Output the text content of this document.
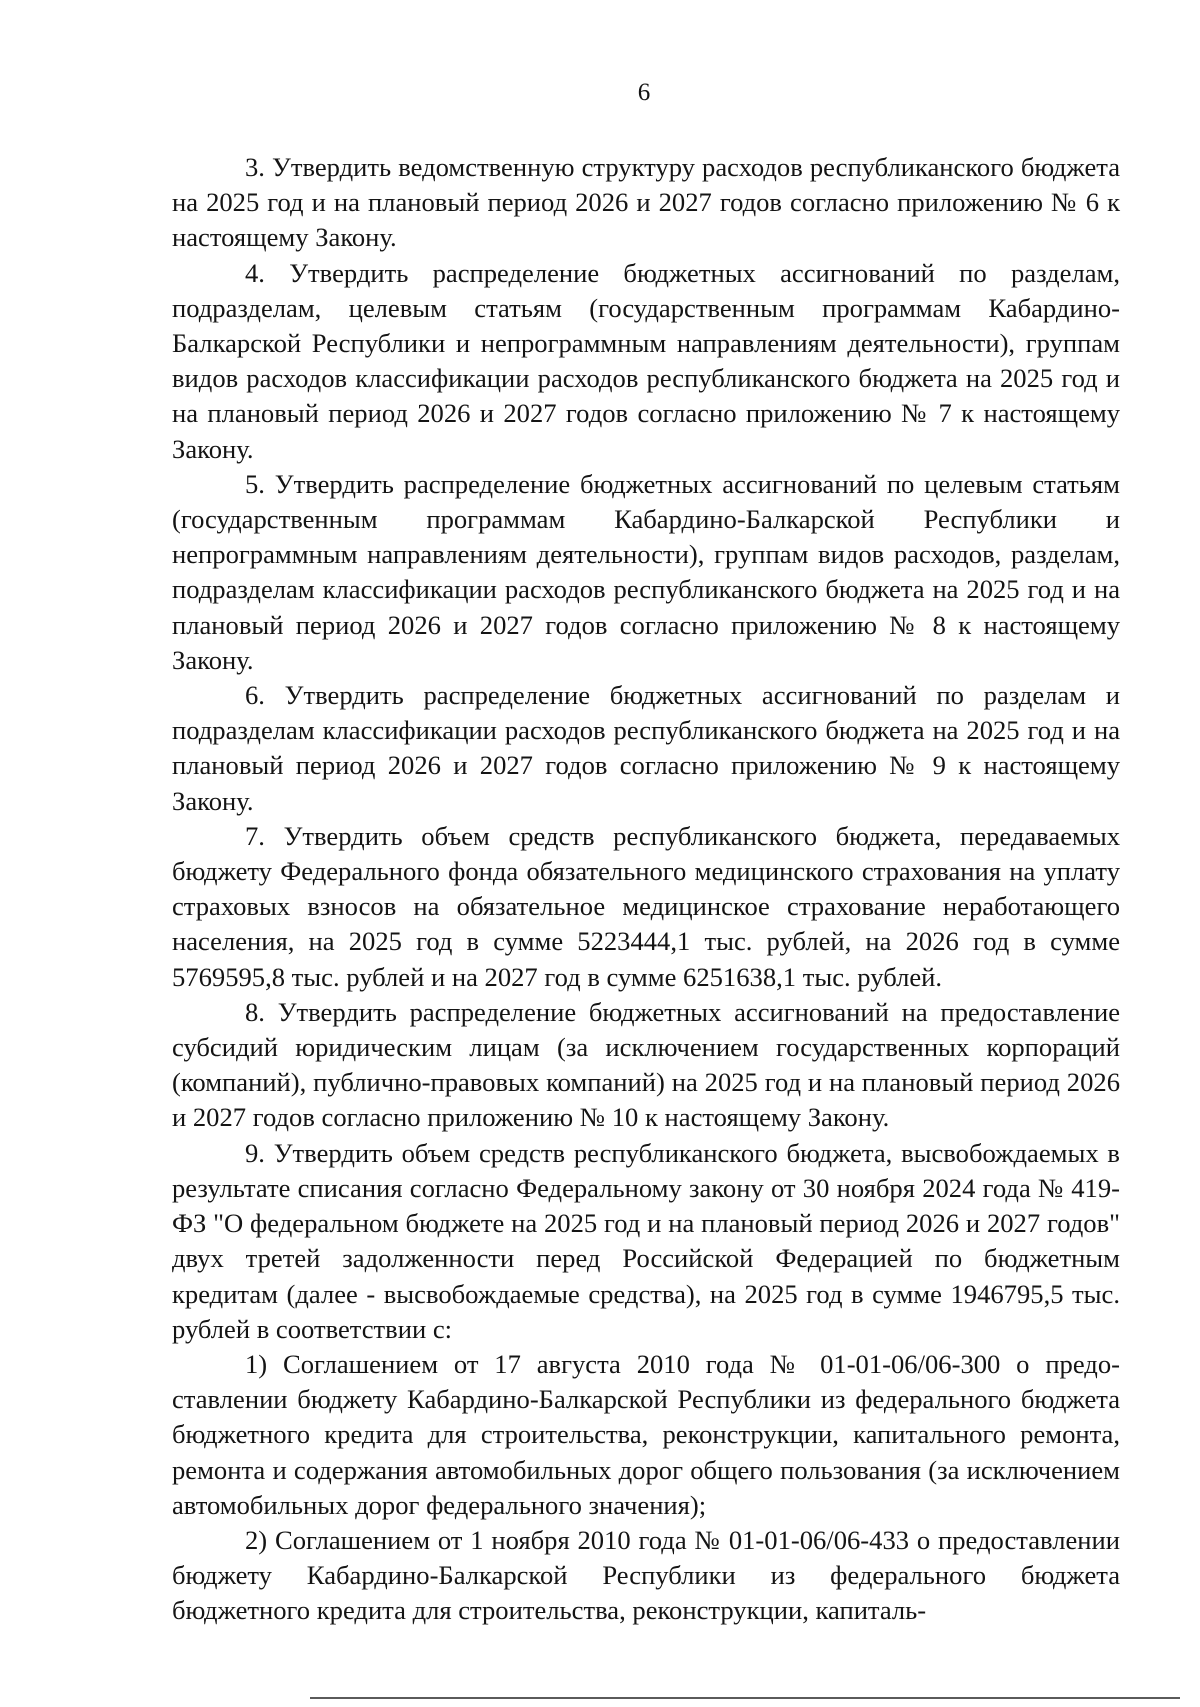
6

3. Утвердить ведомственную структуру расходов республиканского бюджета на 2025 год и на плановый период 2026 и 2027 годов согласно приложению № 6 к настоящему Закону.

4. Утвердить распределение бюджетных ассигнований по разделам, подразделам, целевым статьям (государственным программам Кабардино-Балкарской Республики и непрограммным направлениям деятельности), группам видов расходов классификации расходов республиканского бюджета на 2025 год и на плановый период 2026 и 2027 годов согласно приложению № 7 к настоящему Закону.

5. Утвердить распределение бюджетных ассигнований по целевым статьям (государственным программам Кабардино-Балкарской Республики и непрограммным направлениям деятельности), группам видов расходов, разделам, подразделам классификации расходов республиканского бюджета на 2025 год и на плановый период 2026 и 2027 годов согласно приложению № 8 к настоящему Закону.

6. Утвердить распределение бюджетных ассигнований по разделам и подразделам классификации расходов республиканского бюджета на 2025 год и на плановый период 2026 и 2027 годов согласно приложению № 9 к настоящему Закону.

7. Утвердить объем средств республиканского бюджета, передаваемых бюджету Федерального фонда обязательного медицинского страхования на уплату страховых взносов на обязательное медицинское страхование неработающего населения, на 2025 год в сумме 5223444,1 тыс. рублей, на 2026 год в сумме 5769595,8 тыс. рублей и на 2027 год в сумме 6251638,1 тыс. рублей.

8. Утвердить распределение бюджетных ассигнований на предоставление субсидий юридическим лицам (за исключением государственных корпораций (компаний), публично-правовых компаний) на 2025 год и на плановый период 2026 и 2027 годов согласно приложению № 10 к настоящему Закону.

9. Утвердить объем средств республиканского бюджета, высвобождаемых в результате списания согласно Федеральному закону от 30 ноября 2024 года № 419-ФЗ "О федеральном бюджете на 2025 год и на плановый период 2026 и 2027 годов" двух третей задолженности перед Российской Федерацией по бюджетным кредитам (далее - высвобождаемые средства), на 2025 год в сумме 1946795,5 тыс. рублей в соответствии с:

1) Соглашением от 17 августа 2010 года № 01-01-06/06-300 о предоставлении бюджету Кабардино-Балкарской Республики из федерального бюджета бюджетного кредита для строительства, реконструкции, капитального ремонта, ремонта и содержания автомобильных дорог общего пользования (за исключением автомобильных дорог федерального значения);

2) Соглашением от 1 ноября 2010 года № 01-01-06/06-433 о предоставлении бюджету Кабардино-Балкарской Республики из федерального бюджета бюджетного кредита для строительства, реконструкции, капиталь-
